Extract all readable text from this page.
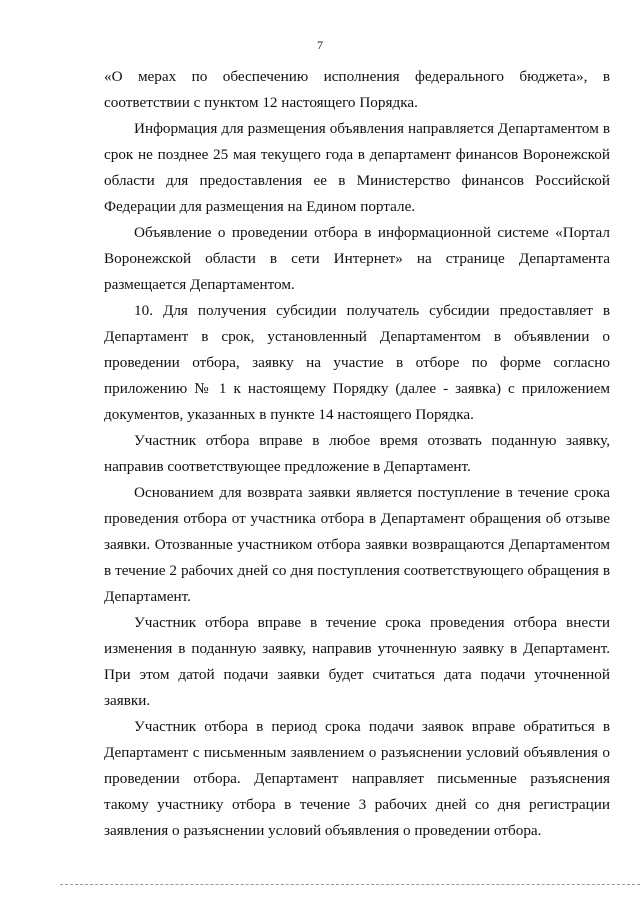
7

«О мерах по обеспечению исполнения федерального бюджета», в соответствии с пунктом 12 настоящего Порядка.

Информация для размещения объявления направляется Департаментом в срок не позднее 25 мая текущего года в департамент финансов Воронежской области для предоставления ее в Министерство финансов Российской Федерации для размещения на Едином портале.

Объявление о проведении отбора в информационной системе «Портал Воронежской области в сети Интернет» на странице Департамента размещается Департаментом.

10. Для получения субсидии получатель субсидии предоставляет в Департамент в срок, установленный Департаментом в объявлении о проведении отбора, заявку на участие в отборе по форме согласно приложению № 1 к настоящему Порядку (далее - заявка) с приложением документов, указанных в пункте 14 настоящего Порядка.

Участник отбора вправе в любое время отозвать поданную заявку, направив соответствующее предложение в Департамент.

Основанием для возврата заявки является поступление в течение срока проведения отбора от участника отбора в Департамент обращения об отзыве заявки. Отозванные участником отбора заявки возвращаются Департаментом в течение 2 рабочих дней со дня поступления соответствующего обращения в Департамент.

Участник отбора вправе в течение срока проведения отбора внести изменения в поданную заявку, направив уточненную заявку в Департамент. При этом датой подачи заявки будет считаться дата подачи уточненной заявки.

Участник отбора в период срока подачи заявок вправе обратиться в Департамент с письменным заявлением о разъяснении условий объявления о проведении отбора. Департамент направляет письменные разъяснения такому участнику отбора в течение 3 рабочих дней со дня регистрации заявления о разъяснении условий объявления о проведении отбора.
